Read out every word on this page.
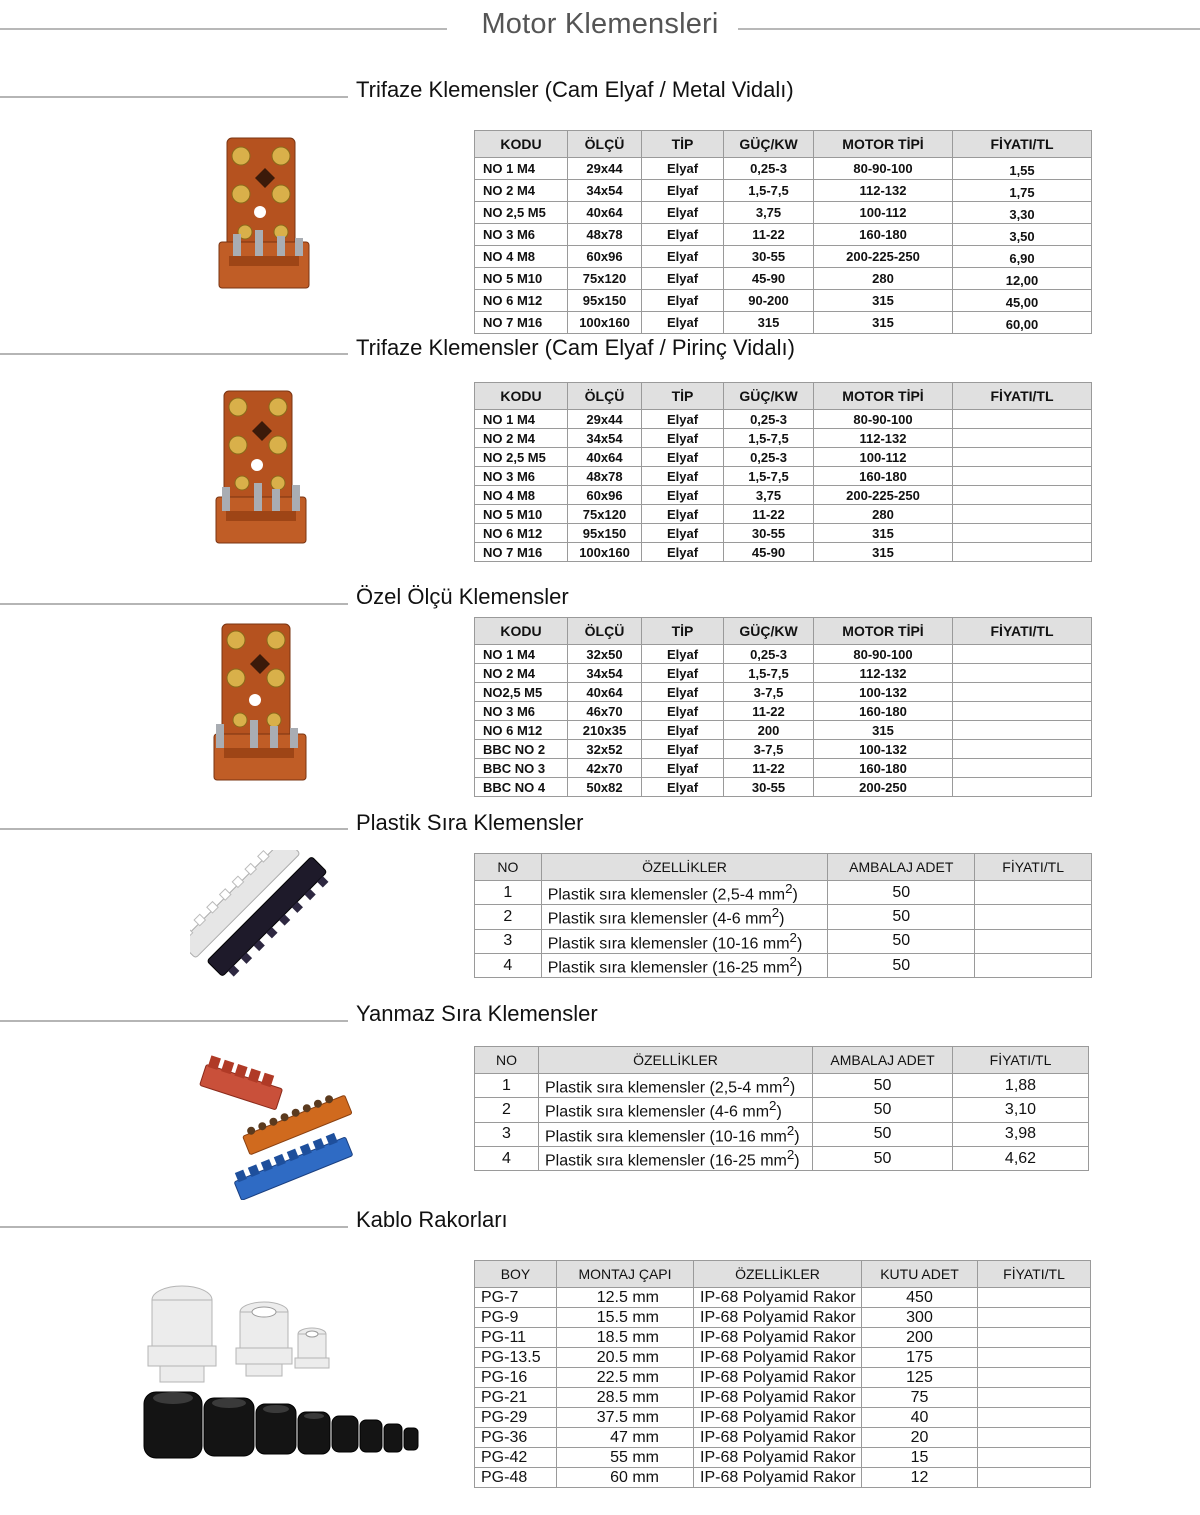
Motor Klemensleri
Trifaze Klemensler (Cam Elyaf / Metal Vidalı)
KODU	ÖLÇÜ	TİP	GÜÇ/KW	MOTOR TİPİ	FİYATI/TL
NO 1 M4	29x44	Elyaf	0,25-3	80-90-100	1,55
NO 2 M4	34x54	Elyaf	1,5-7,5	112-132	1,75
NO 2,5 M5	40x64	Elyaf	3,75	100-112	3,30
NO 3 M6	48x78	Elyaf	11-22	160-180	3,50
NO 4 M8	60x96	Elyaf	30-55	200-225-250	6,90
NO 5 M10	75x120	Elyaf	45-90	280	12,00
NO 6 M12	95x150	Elyaf	90-200	315	45,00
NO 7 M16	100x160	Elyaf	315	315	60,00
Trifaze Klemensler (Cam Elyaf / Pirinç Vidalı)
KODU	ÖLÇÜ	TİP	GÜÇ/KW	MOTOR TİPİ	FİYATI/TL
NO 1 M4	29x44	Elyaf	0,25-3	80-90-100	
NO 2 M4	34x54	Elyaf	1,5-7,5	112-132	
NO 2,5 M5	40x64	Elyaf	0,25-3	100-112	
NO 3 M6	48x78	Elyaf	1,5-7,5	160-180	
NO 4 M8	60x96	Elyaf	3,75	200-225-250	
NO 5 M10	75x120	Elyaf	11-22	280	
NO 6 M12	95x150	Elyaf	30-55	315	
NO 7 M16	100x160	Elyaf	45-90	315	
Özel Ölçü Klemensler
KODU	ÖLÇÜ	TİP	GÜÇ/KW	MOTOR TİPİ	FİYATI/TL
NO 1 M4	32x50	Elyaf	0,25-3	80-90-100	
NO 2 M4	34x54	Elyaf	1,5-7,5	112-132	
NO2,5 M5	40x64	Elyaf	3-7,5	100-132	
NO 3 M6	46x70	Elyaf	11-22	160-180	
NO 6 M12	210x35	Elyaf	200	315	
BBC NO 2	32x52	Elyaf	3-7,5	100-132	
BBC NO 3	42x70	Elyaf	11-22	160-180	
BBC NO 4	50x82	Elyaf	30-55	200-250	
Plastik Sıra Klemensler
NO	ÖZELLİKLER	AMBALAJ ADET	FİYATI/TL
1	Plastik sıra klemensler (2,5-4 $mm^2$)	50	
2	Plastik sıra klemensler (4-6 $mm^2$)	50	
3	Plastik sıra klemensler (10-16 $mm^2$)	50	
4	Plastik sıra klemensler (16-25 $mm^2$)	50	
Yanmaz Sıra Klemensler
NO	ÖZELLİKLER	AMBALAJ ADET	FİYATI/TL
1	Plastik sıra klemensler (2,5-4 $mm^2$)	50	1,88
2	Plastik sıra klemensler (4-6 $mm^2$)	50	3,10
3	Plastik sıra klemensler (10-16 $mm^2$)	50	3,98
4	Plastik sıra klemensler (16-25 $mm^2$)	50	4,62
Kablo Rakorları
BOY	MONTAJ ÇAPI	ÖZELLİKLER	KUTU ADET	FİYATI/TL
PG-7	12.5 mm	IP-68 Polyamid Rakor	450	
PG-9	15.5 mm	IP-68 Polyamid Rakor	300	
PG-11	18.5 mm	IP-68 Polyamid Rakor	200	
PG-13.5	20.5 mm	IP-68 Polyamid Rakor	175	
PG-16	22.5 mm	IP-68 Polyamid Rakor	125	
PG-21	28.5 mm	IP-68 Polyamid Rakor	75	
PG-29	37.5 mm	IP-68 Polyamid Rakor	40	
PG-36	47 mm	IP-68 Polyamid Rakor	20	
PG-42	55 mm	IP-68 Polyamid Rakor	15	
PG-48	60 mm	IP-68 Polyamid Rakor	12	
